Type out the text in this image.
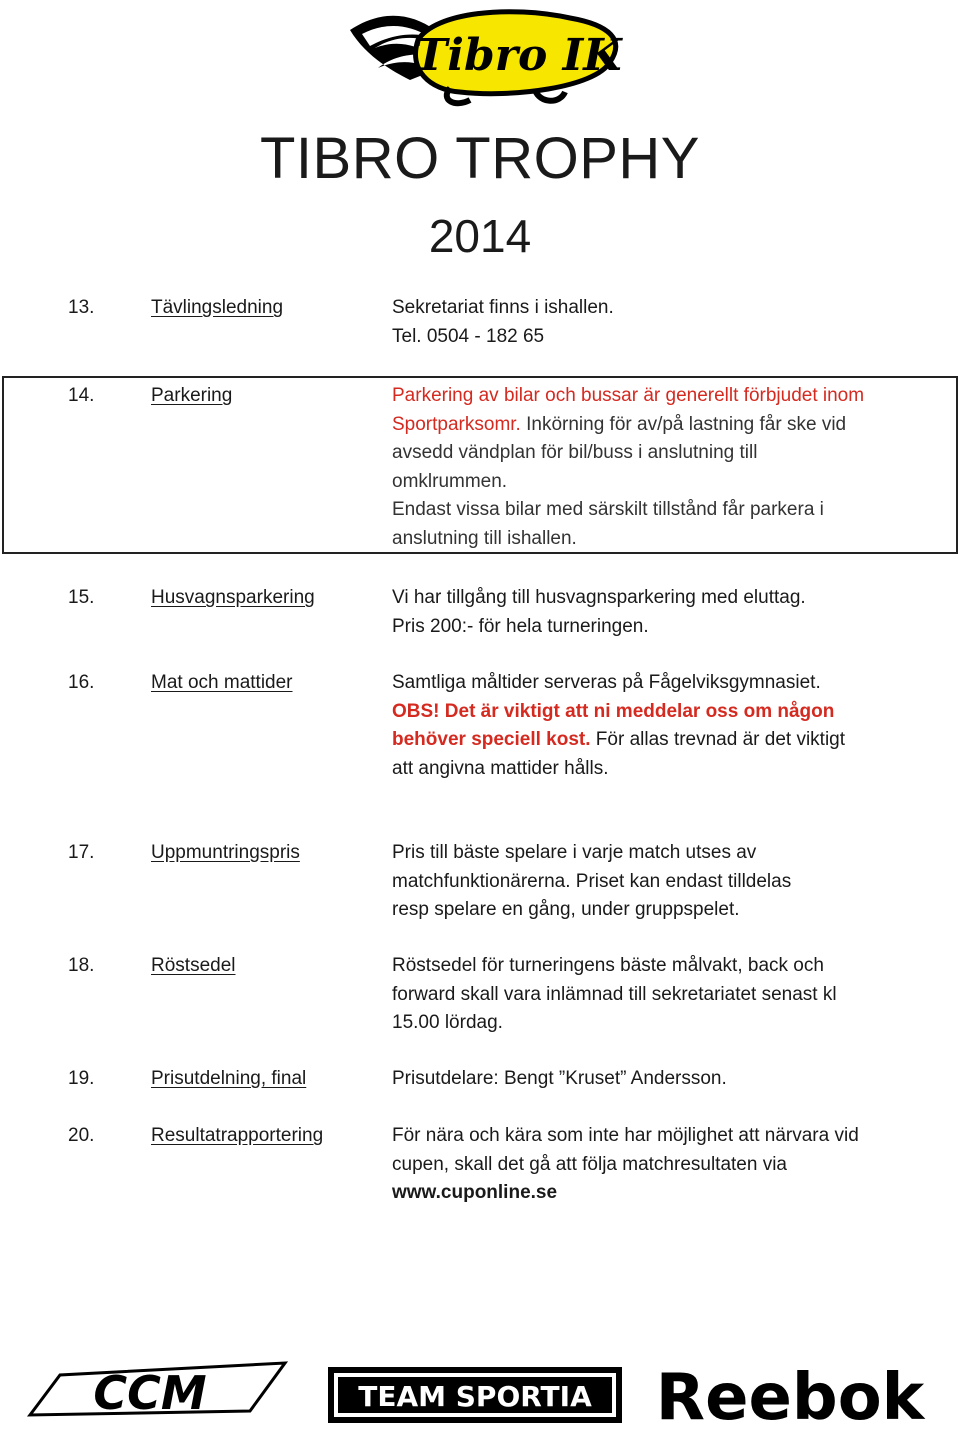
Tibro IK
TIBRO TROPHY
2014
13.	Tävlingsledning	Sekretariat finns i ishallen.
Tel. 0504 - 182 65
14.	Parkering	Parkering av bilar och bussar är generellt förbjudet inom
Sportparksomr. Inkörning för av/på lastning får ske vid
avsedd vändplan för bil/buss i anslutning till
omklrummen.
Endast vissa bilar med särskilt tillstånd får parkera i
anslutning till ishallen.
15.	Husvagnsparkering	Vi har tillgång till husvagnsparkering med eluttag.
Pris 200:- för hela turneringen.
16.	Mat och mattider	Samtliga måltider serveras på Fågelviksgymnasiet.
OBS! Det är viktigt att ni meddelar oss om någon
behöver speciell kost. För allas trevnad är det viktigt
att angivna mattider hålls.
17.	Uppmuntringspris	Pris till bäste spelare i varje match utses av
matchfunktionärerna. Priset kan endast tilldelas
resp spelare en gång, under gruppspelet.
18.	Röstsedel	Röstsedel för turneringens bäste målvakt, back och
forward skall vara inlämnad till sekretariatet senast kl
15.00 lördag.
19.	Prisutdelning, final	Prisutdelare: Bengt ”Kruset” Andersson.
20.	Resultatrapportering	För nära och kära som inte har möjlighet att närvara vid
cupen, skall det gå att följa matchresultaten via
www.cuponline.se
CCM	TEAM SPORTIA Reebok
